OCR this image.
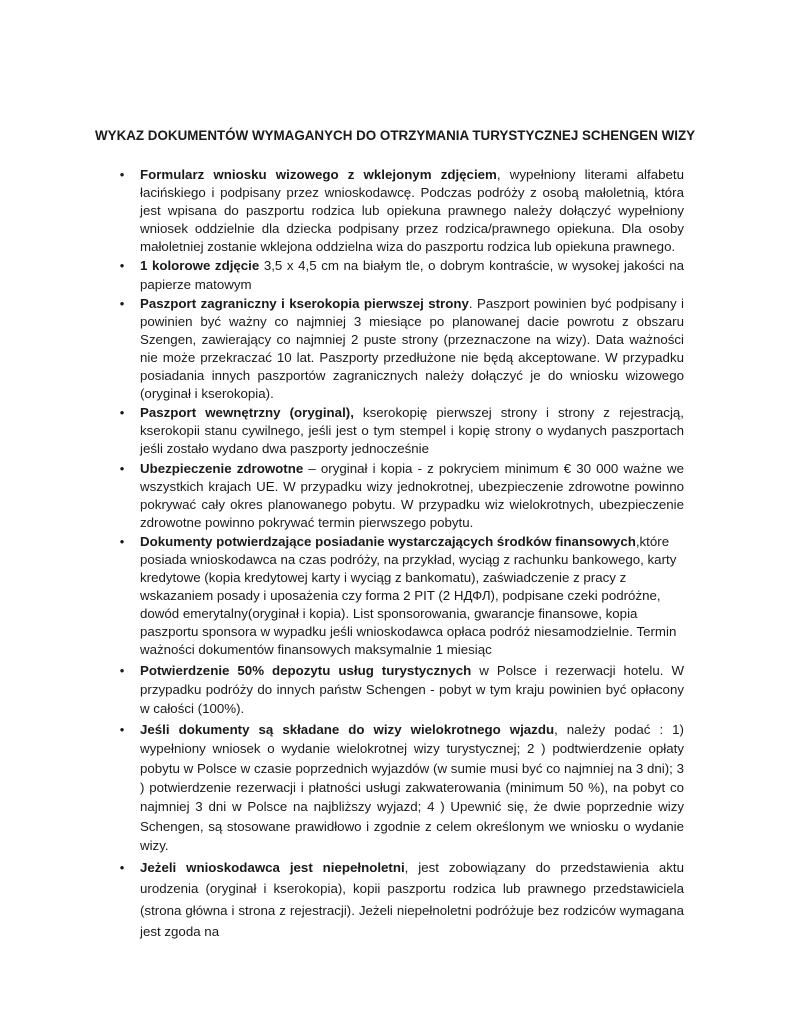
WYKAZ DOKUMENTÓW WYMAGANYCH DO OTRZYMANIA TURYSTYCZNEJ SCHENGEN WIZY
•	Formularz wniosku wizowego z wklejonym zdjęciem, wypełniony literami alfabetu łacińskiego i podpisany przez wnioskodawcę. Podczas podróży z osobą małoletnią, która jest wpisana do paszportu rodzica lub opiekuna prawnego należy dołączyć wypełniony wniosek oddzielnie dla dziecka podpisany przez rodzica/prawnego opiekuna. Dla osoby małoletniej zostanie wklejona oddzielna wiza do paszportu rodzica lub opiekuna prawnego.
•	1 kolorowe zdjęcie 3,5 x 4,5 cm na białym tle, o dobrym kontraście, w wysokej jakości na papierze matowym
•	Paszport zagraniczny i kserokopia pierwszej strony. Paszport powinien być podpisany i powinien być ważny co najmniej 3 miesiące po planowanej dacie powrotu z obszaru Szengen, zawierający co najmniej 2 puste strony (przeznaczone na wizy). Data ważności nie może przekraczać 10 lat. Paszporty przedłużone nie będą akceptowane. W przypadku posiadania innych paszportów zagranicznych należy dołączyć je do wniosku wizowego (oryginał i kserokopia).
•	Paszport wewnętrzny (oryginal), kserokopię pierwszej strony i strony z rejestracją, kserokopii stanu cywilnego, jeśli jest o tym stempel i kopię strony o wydanych paszportach jeśli zostało wydano dwa paszporty jednocześnie
•	Ubezpieczenie zdrowotne – oryginał i kopia - z pokryciem minimum € 30 000 ważne we wszystkich krajach UE. W przypadku wizy jednokrotnej, ubezpieczenie zdrowotne powinno pokrywać cały okres planowanego pobytu. W przypadku wiz wielokrotnych, ubezpieczenie zdrowotne powinno pokrywać termin pierwszego pobytu.
•	Dokumenty potwierdzające posiadanie wystarczających środków finansowych,które posiada wnioskodawca na czas podróży, na przykład, wyciąg z rachunku bankowego, karty kredytowe (kopia kredytowej karty i wyciąg z bankomatu), zaświadczenie z pracy z wskazaniem posady i uposażenia czy forma 2 PIT (2 НДФЛ), podpisane czeki podróżne, dowód emerytalny(oryginał i kopia). List sponsorowania, gwarancje finansowe, kopia paszportu sponsora w wypadku jeśli wnioskodawca opłaca podróż niesamodzielnie. Termin ważności dokumentów finansowych maksymalnie 1 miesiąc
•	Potwierdzenie 50% depozytu usług turystycznych w Polsce i rezerwacji hotelu. W przypadku podróży do innych państw Schengen - pobyt w tym kraju powinien być opłacony w całości (100%).
•	Jeśli dokumenty są składane do wizy wielokrotnego wjazdu, należy podać : 1) wypełniony wniosek o wydanie wielokrotnej wizy turystycznej; 2 ) podtwierdzenie opłaty pobytu w Polsce w czasie poprzednich wyjazdów (w sumie musi być co najmniej na 3 dni); 3 ) potwierdzenie rezerwacji i płatności usługi zakwaterowania (minimum 50 %), na pobyt co najmniej 3 dni w Polsce na najbliższy wyjazd; 4 ) Upewnić się, że dwie poprzednie wizy Schengen, są stosowane prawidłowo i zgodnie z celem określonym we wniosku o wydanie wizy.
•	Jeżeli wnioskodawca jest niepełnoletni, jest zobowiązany do przedstawienia aktu urodzenia (oryginał i kserokopia), kopii paszportu rodzica lub prawnego przedstawiciela (strona główna i strona z rejestracji). Jeżeli niepełnoletni podróżuje bez rodziców wymagana jest zgoda na
